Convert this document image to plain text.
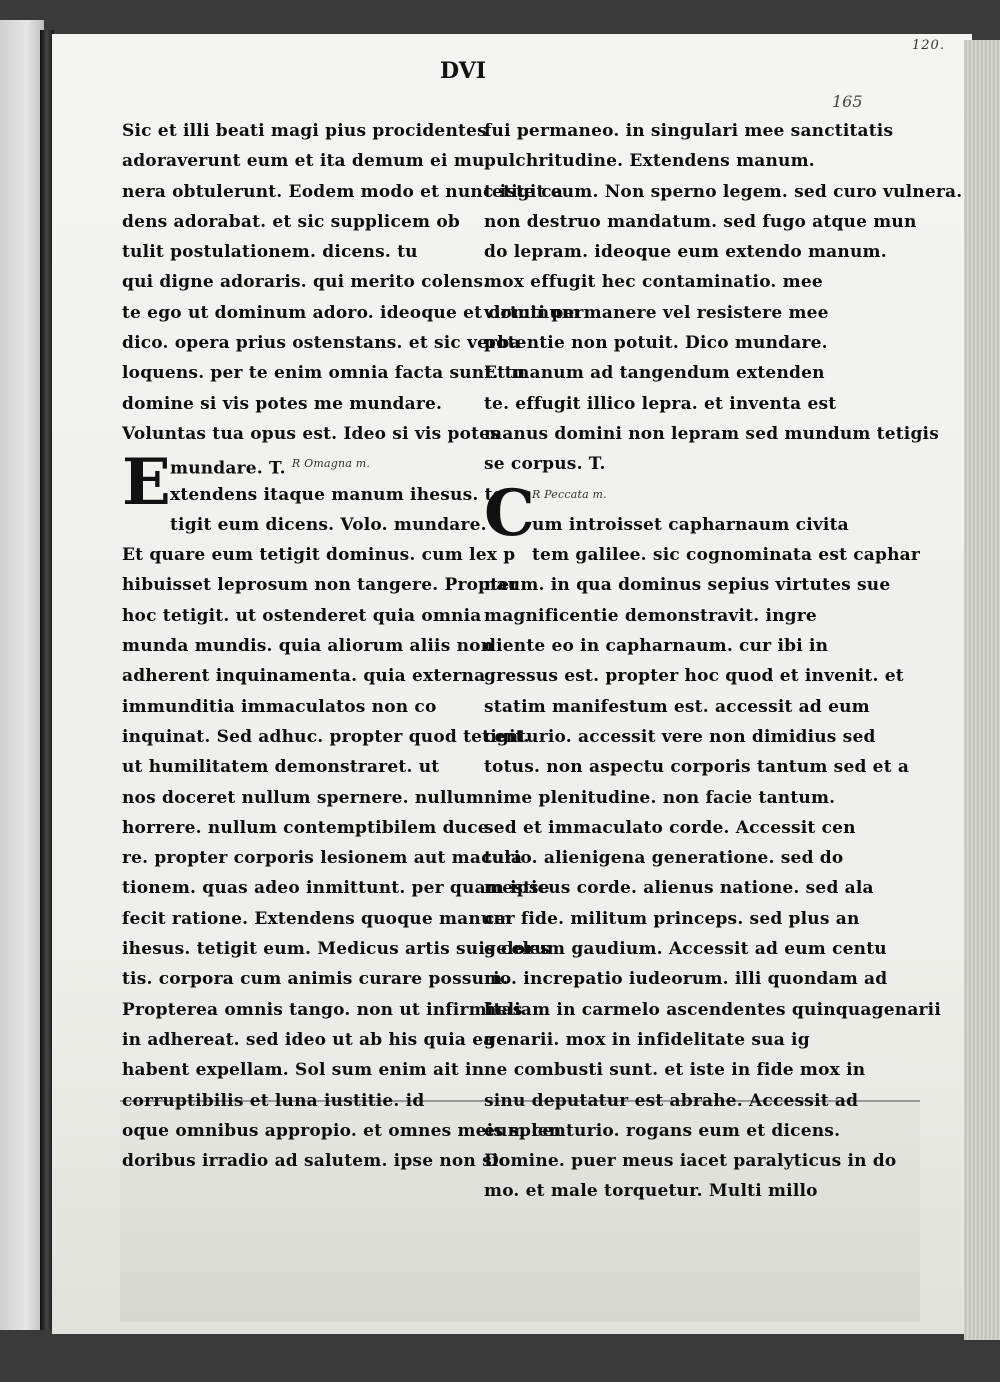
120.
165
DVI
Sic et illi beati magi pius procidentes
adoraverunt eum et ita demum ei mu
nera obtulerunt. Eodem modo et nunc iste ca
dens adorabat. et sic supplicem ob
tulit postulationem. dicens. tu
qui digne adoraris. qui merito colens.
te ego ut dominum adoro. ideoque et dominum
dico. opera prius ostenstans. et sic verba
loquens. per te enim omnia facta sunt. tu
domine si vis potes me mundare.
Voluntas tua opus est. Ideo si vis potes
E mundare. T. $^{R Omagna m.}$
xtendens itaque manum ihesus. te
tigit eum dicens. Volo. mundare.
Et quare eum tetigit dominus. cum lex p
hibuisset leprosum non tangere. Propter
hoc tetigit. ut ostenderet quia omnia
munda mundis. quia aliorum aliis non
adherent inquinamenta. quia externa
immunditia immaculatos non co
inquinat. Sed adhuc. propter quod tetigit.
ut humilitatem demonstraret. ut
nos doceret nullum spernere. nullum
horrere. nullum contemptibilem duce
re. propter corporis lesionem aut macula
tionem. quas adeo inmittunt. per quam ipse
fecit ratione. Extendens quoque manum
ihesus. tetigit eum. Medicus artis suis celes
tis. corpora cum animis curare possum.
Propterea omnis tango. non ut infirmitas
in adhereat. sed ideo ut ab his quia ea
habent expellam. Sol sum enim ait in
corruptibilis et luna iustitie. id
oque omnibus appropio. et omnes meis splen
doribus irradio ad salutem. ipse non sic
fui permaneo. in singulari mee sanctitatis
pulchritudine. Extendens manum.
tetigit eum. Non sperno legem. sed curo vulnera.
non destruo mandatum. sed fugo atque mun
do lepram. ideoque eum extendo manum.
mox effugit hec contaminatio. mee
virtuti permanere vel resistere mee
potentie non potuit. Dico mundare.
Et manum ad tangendum extenden
te. effugit illico lepra. et inventa est
manus domini non lepram sed mundum tetigis
se corpus. T.
C
$^{R Peccata m.}$
um introisset capharnaum civita
tem galilee. sic cognominata est caphar
naum. in qua dominus sepius virtutes sue
magnificentie demonstravit. ingre
diente eo in capharnaum. cur ibi in
gressus est. propter hoc quod et invenit. et
statim manifestum est. accessit ad eum
centurio. accessit vere non dimidius sed
totus. non aspectu corporis tantum sed et a
nime plenitudine. non facie tantum.
sed et immaculato corde. Accessit cen
turio. alienigena generatione. sed do
mesticus corde. alienus natione. sed ala
cer fide. militum princeps. sed plus an
gelorum gaudium. Accessit ad eum centu
rio. increpatio iudeorum. illi quondam ad
heliam in carmelo ascendentes quinquagenarii
genarii. mox in infidelitate sua ig
ne combusti sunt. et iste in fide mox in
sinu deputatur est abrahe. Accessit ad
eum centurio. rogans eum et dicens.
Domine. puer meus iacet paralyticus in do
mo. et male torquetur. Multi millo
